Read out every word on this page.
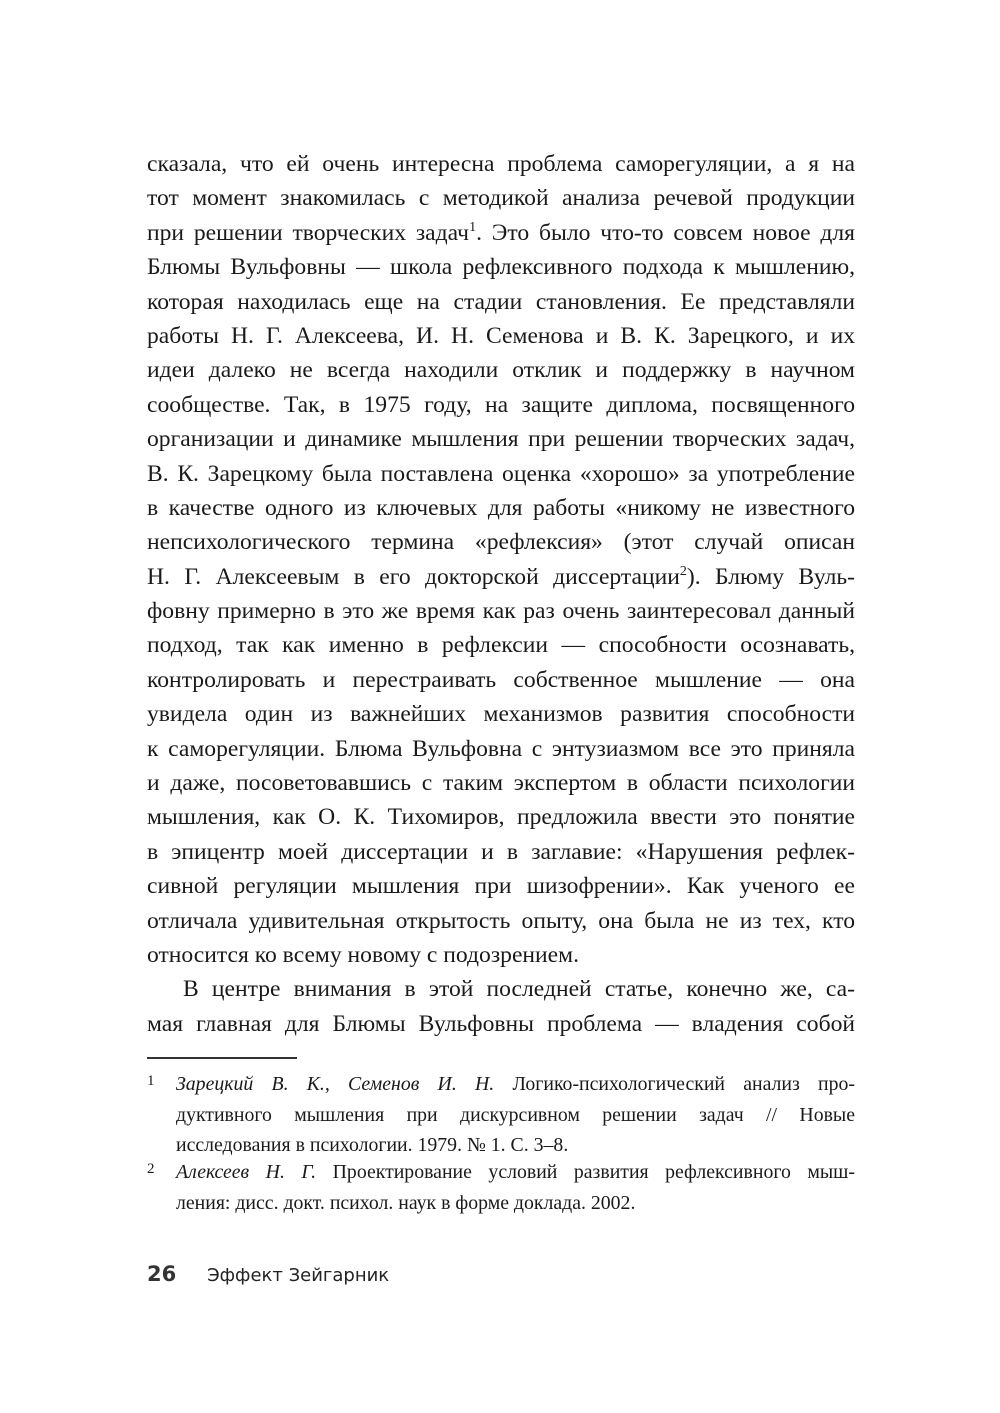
сказала, что ей очень интересна проблема саморегуляции, а я на
тот момент знакомилась с методикой анализа речевой продукции
при решении творческих задач$^1$. Это было что-то совсем новое для
Блюмы Вульфовны — школа рефлексивного подхода к мышлению,
которая находилась еще на стадии становления. Ее представляли
работы Н. Г. Алексеева, И. Н. Семенова и В. К. Зарецкого, и их
идеи далеко не всегда находили отклик и поддержку в научном
сообществе. Так, в 1975 году, на защите диплома, посвященного
организации и динамике мышления при решении творческих задач,
В. К. Зарецкому была поставлена оценка «хорошо» за употребление
в качестве одного из ключевых для работы «никому не известного
непсихологического термина «рефлексия» (этот случай описан
Н. Г. Алексеевым в его докторской диссертации$^2$). Блюму Вуль-
фовну примерно в это же время как раз очень заинтересовал данный
подход, так как именно в рефлексии — способности осознавать,
контролировать и перестраивать собственное мышление — она
увидела один из важнейших механизмов развития способности
к саморегуляции. Блюма Вульфовна с энтузиазмом все это приняла
и даже, посоветовавшись с таким экспертом в области психологии
мышления, как О. К. Тихомиров, предложила ввести это понятие
в эпицентр моей диссертации и в заглавие: «Нарушения рефлек-
сивной регуляции мышления при шизофрении». Как ученого ее
отличала удивительная открытость опыту, она была не из тех, кто
относится ко всему новому с подозрением.
В центре внимания в этой последней статье, конечно же, са-
мая главная для Блюмы Вульфовны проблема — владения собой
1 Зарецкий В. К., Семенов И. Н. Логико-психологический анализ про-
дуктивного мышления при дискурсивном решении задач // Новые
исследования в психологии. 1979. № 1. С. 3–8.
2 Алексеев Н. Г. Проектирование условий развития рефлексивного мыш-
ления: дисс. докт. психол. наук в форме доклада. 2002.
26 Эффект Зейгарник
